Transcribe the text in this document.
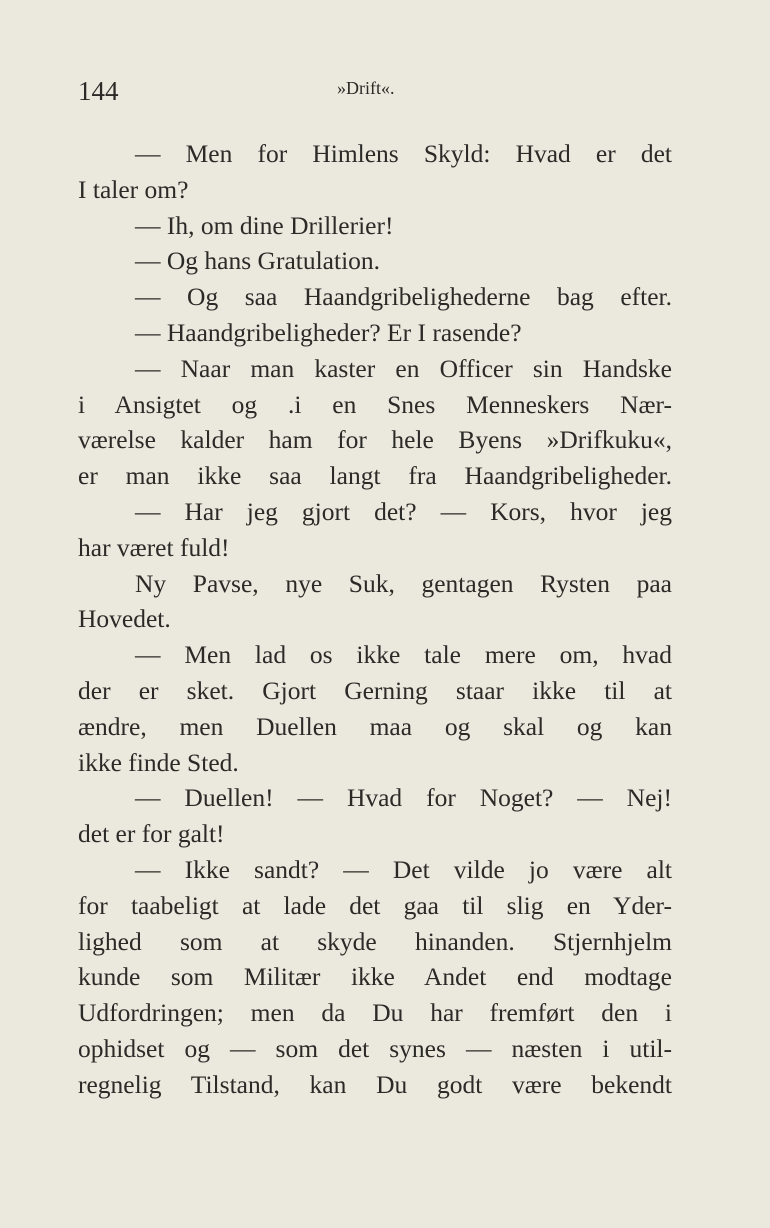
144	»Drift«.
— Men for Himlens Skyld: Hvad er det
I taler om?
— Ih, om dine Drillerier!
— Og hans Gratulation.
— Og saa Haandgribelighederne bag efter.
— Haandgribeligheder? Er I rasende?
— Naar man kaster en Officer sin Handske
i Ansigtet og .i en Snes Menneskers Nær-
værelse kalder ham for hele Byens »Drifkuku«,
er man ikke saa langt fra Haandgribeligheder.
— Har jeg gjort det? — Kors, hvor jeg
har været fuld!
Ny Pavse, nye Suk, gentagen Rysten paa
Hovedet.
— Men lad os ikke tale mere om, hvad
der er sket. Gjort Gerning staar ikke til at
ændre, men Duellen maa og skal og kan
ikke finde Sted.
— Duellen! — Hvad for Noget? — Nej!
det er for galt!
— Ikke sandt? — Det vilde jo være alt
for taabeligt at lade det gaa til slig en Yder-
lighed som at skyde hinanden. Stjernhjelm
kunde som Militær ikke Andet end modtage
Udfordringen; men da Du har fremført den i
ophidset og — som det synes — næsten i util-
regnelig Tilstand, kan Du godt være bekendt
